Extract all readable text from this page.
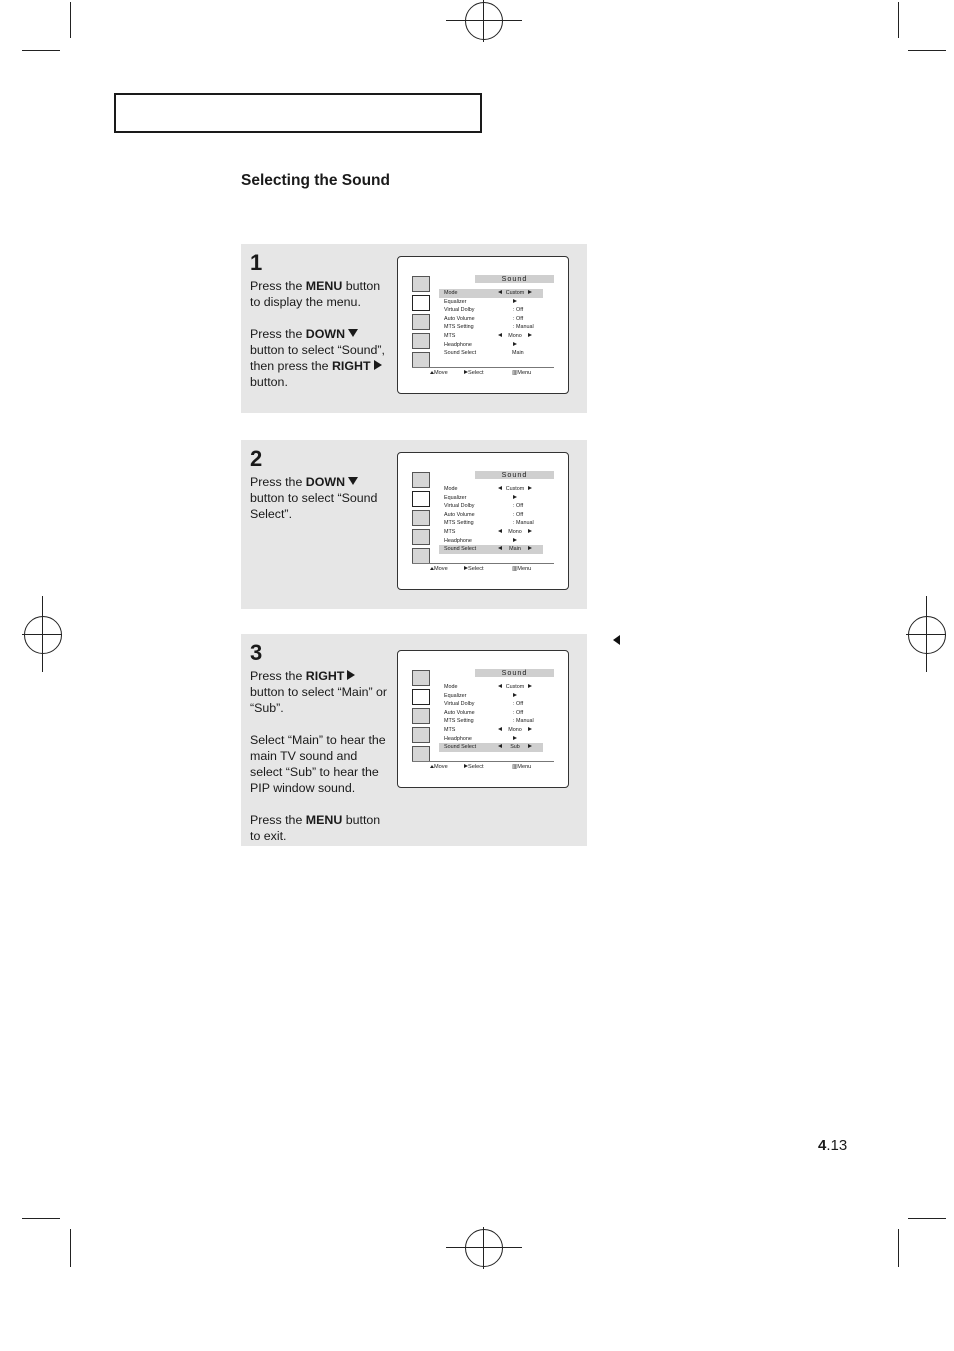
Selecting the Sound
1

Press the MENU button to display the menu.

Press the DOWN button to select “Sound”, then press the RIGHT button.

Sound
Mode	Custom
Equalizer
Virtual Dolby	: Off
Auto Volume	: Off
MTS Setting	: Manual
MTS	Mono
Headphone
Sound Select	Main
Move	Select	▥ Menu
2

Press the DOWN button to select “Sound Select”.

Sound
Mode	Custom
Equalizer
Virtual Dolby	: Off
Auto Volume	: Off
MTS Setting	: Manual
MTS	Mono
Headphone
Sound Select	Main
Move	Select	▥ Menu
3

Press the RIGHT button to select “Main” or “Sub”.

Select “Main” to hear the main TV sound and select “Sub” to hear the PIP window sound.

Press the MENU button to exit.

Sound
Mode	Custom
Equalizer
Virtual Dolby	: Off
Auto Volume	: Off
MTS Setting	: Manual
MTS	Mono
Headphone
Sound Select	Sub
Move	Select	▥ Menu
4.13
